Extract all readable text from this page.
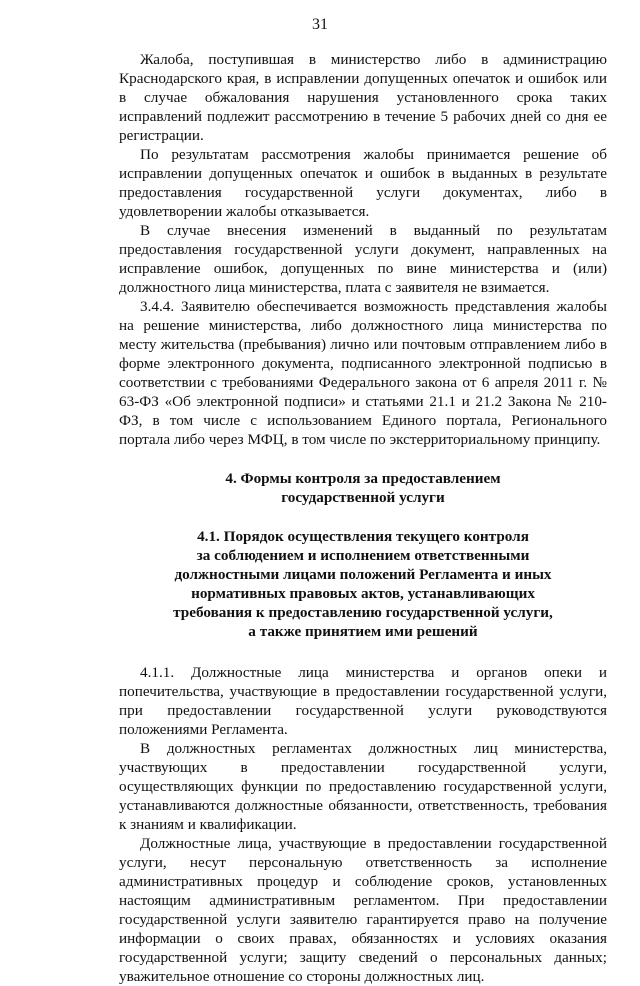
31

Жалоба, поступившая в министерство либо в администрацию Краснодарского края, в исправлении допущенных опечаток и ошибок или в случае обжалования нарушения установленного срока таких исправлений подлежит рассмотрению в течение 5 рабочих дней со дня ее регистрации.

По результатам рассмотрения жалобы принимается решение об исправлении допущенных опечаток и ошибок в выданных в результате предоставления государственной услуги документах, либо в удовлетворении жалобы отказывается.

В случае внесения изменений в выданный по результатам предоставления государственной услуги документ, направленных на исправление ошибок, допущенных по вине министерства и (или) должностного лица министерства, плата с заявителя не взимается.

3.4.4. Заявителю обеспечивается возможность представления жалобы на решение министерства, либо должностного лица министерства по месту жительства (пребывания) лично или почтовым отправлением либо в форме электронного документа, подписанного электронной подписью в соответствии с требованиями Федерального закона от 6 апреля 2011 г. № 63-ФЗ «Об электронной подписи» и статьями 21.1 и 21.2 Закона № 210-ФЗ, в том числе с использованием Единого портала, Регионального портала либо через МФЦ, в том числе по экстерриториальному принципу.

4. Формы контроля за предоставлением
государственной услуги
4.1. Порядок осуществления текущего контроля
за соблюдением и исполнением ответственными
должностными лицами положений Регламента и иных
нормативных правовых актов, устанавливающих
требования к предоставлению государственной услуги,
а также принятием ими решений

4.1.1. Должностные лица министерства и органов опеки и попечительства, участвующие в предоставлении государственной услуги, при предоставлении государственной услуги руководствуются положениями Регламента.

В должностных регламентах должностных лиц министерства, участвующих в предоставлении государственной услуги, осуществляющих функции по предоставлению государственной услуги, устанавливаются должностные обязанности, ответственность, требования к знаниям и квалификации.

Должностные лица, участвующие в предоставлении государственной услуги, несут персональную ответственность за исполнение административных процедур и соблюдение сроков, установленных настоящим административным регламентом. При предоставлении государственной услуги заявителю гарантируется право на получение информации о своих правах, обязанностях и условиях оказания государственной услуги; защиту сведений о персональных данных; уважительное отношение со стороны должностных лиц.
